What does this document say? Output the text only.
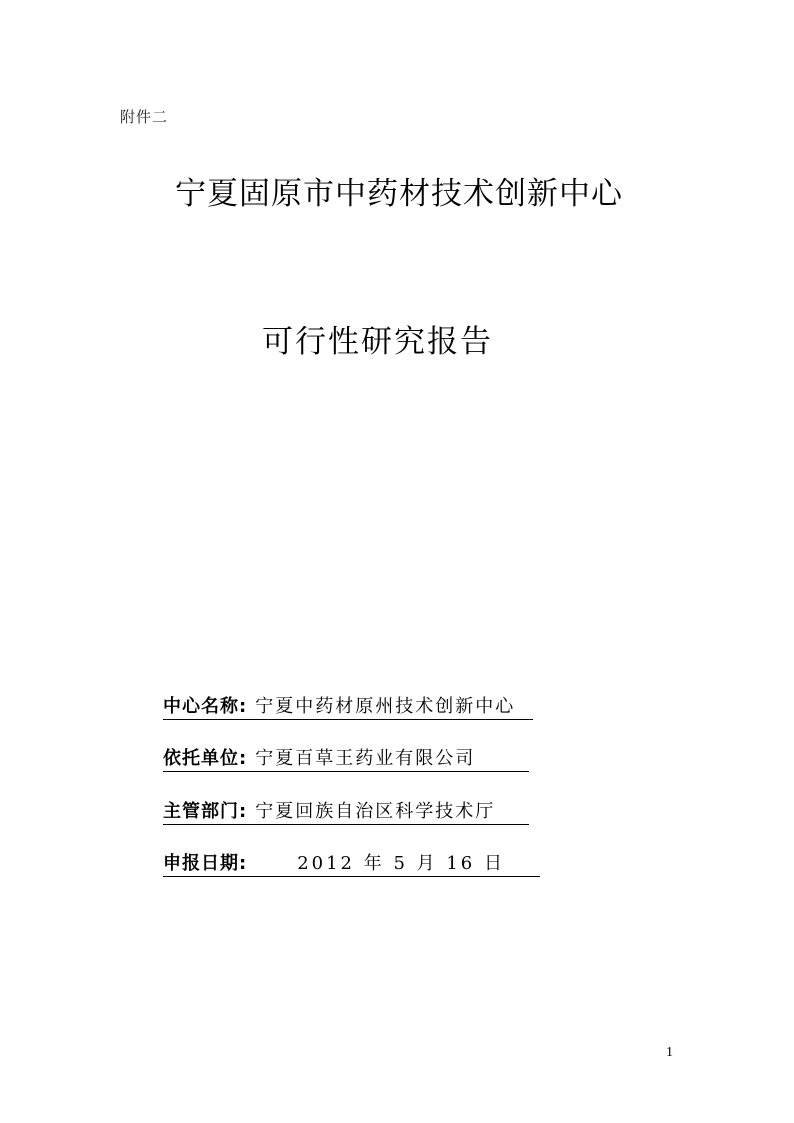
附件二
宁夏固原市中药材技术创新中心
可行性研究报告
中心名称: 宁夏中药材原州技术创新中心
依托单位: 宁夏百草王药业有限公司
主管部门: 宁夏回族自治区科学技术厅
申报日期:	2012 年 5 月 16 日
1
